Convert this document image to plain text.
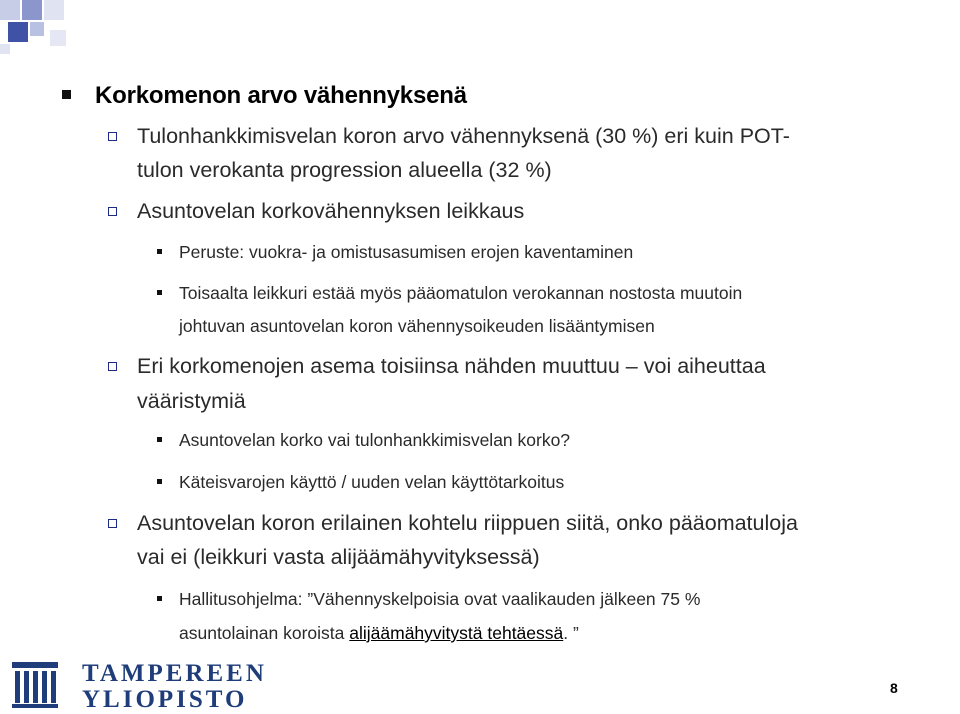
Korkomenon arvo vähennyksenä
Tulonhankkimisvelan koron arvo vähennyksenä (30 %) eri kuin POT-
tulon verokanta progression alueella (32 %)
Asuntovelan korkovähennyksen leikkaus
Peruste: vuokra- ja omistusasumisen erojen kaventaminen
Toisaalta leikkuri estää myös pääomatulon verokannan nostosta muutoin
johtuvan asuntovelan koron vähennysoikeuden lisääntymisen
Eri korkomenojen asema toisiinsa nähden muuttuu – voi aiheuttaa
vääristymiä
Asuntovelan korko vai tulonhankkimisvelan korko?
Käteisvarojen käyttö / uuden velan käyttötarkoitus
Asuntovelan koron erilainen kohtelu riippuen siitä, onko pääomatuloja
vai ei (leikkuri vasta alijäämähyvityksessä)
Hallitusohjelma: ”Vähennyskelpoisia ovat vaalikauden jälkeen 75 %
asuntolainan koroista alijäämähyvitystä tehtäessä. ”
TAMPEREEN
YLIOPISTO	8
